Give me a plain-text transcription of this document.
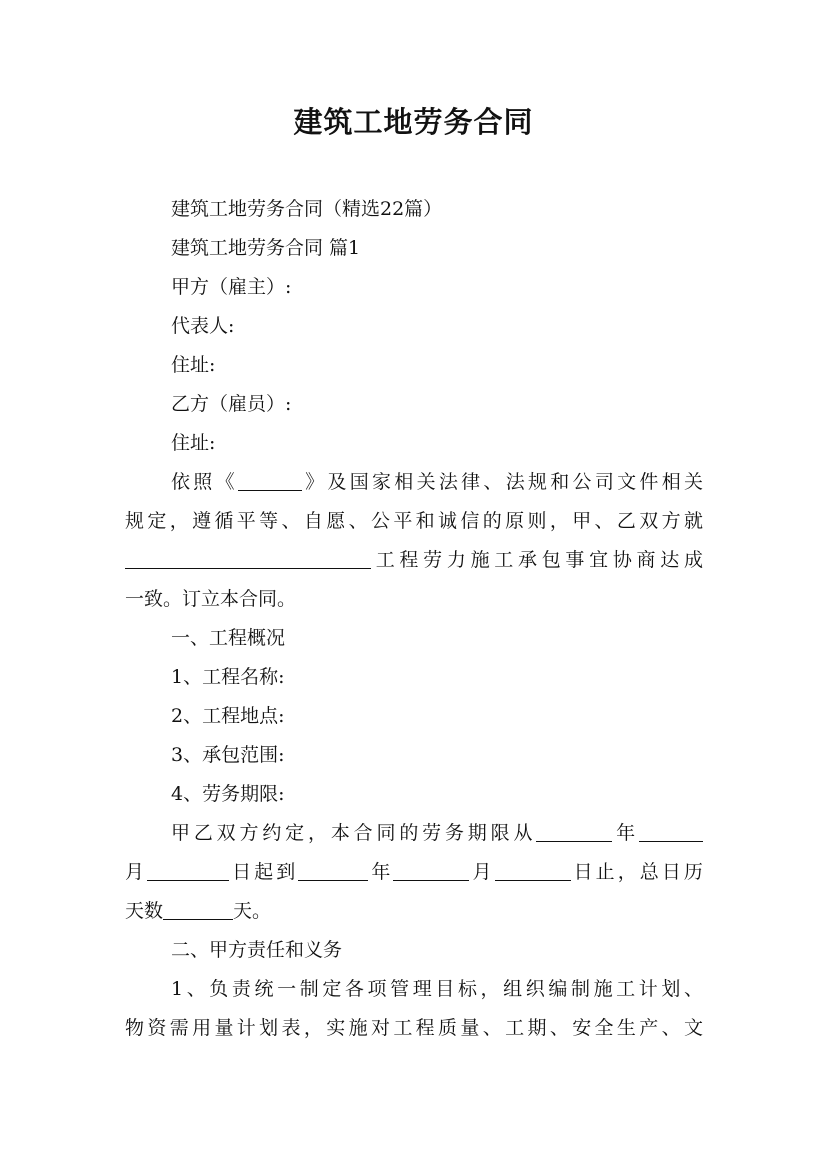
建筑工地劳务合同

建筑工地劳务合同（精选22篇）

建筑工地劳务合同 篇1

甲方（雇主）:

代表人:

住址:

乙方（雇员）:

住址:

依照《	》及国家相关法律、法规和公司文件相关

规定，遵循平等、自愿、公平和诚信的原则，甲、乙双方就

工程劳力施工承包事宜协商达成

一致。订立本合同。

一、工程概况

1、工程名称:

2、工程地点:

3、承包范围:

4、劳务期限:

甲乙双方约定，本合同的劳务期限从	年

月	日起到	年	月	日止，总日历

天数	天。

二、甲方责任和义务

1、负责统一制定各项管理目标，组织编制施工计划、

物资需用量计划表，实施对工程质量、工期、安全生产、文
